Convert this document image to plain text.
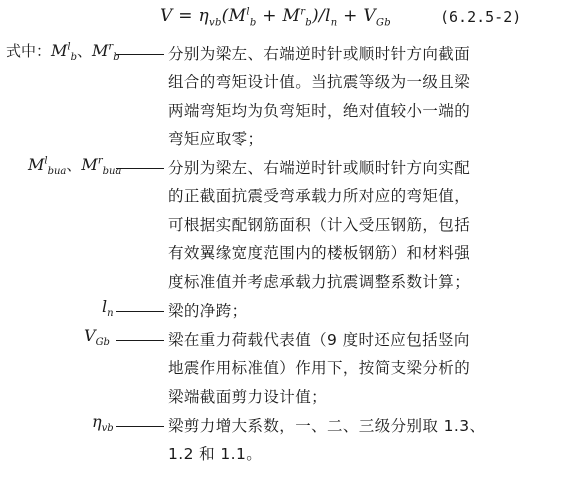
$V = \eta_{vb}(M^l_b + M^r_b)/l_n + V_{Gb}$	(6.2.5-2)
式中：$M^l_b$、$M^r_b$	分别为梁左、右端逆时针或顺时针方向截面
组合的弯矩设计值。当抗震等级为一级且梁
两端弯矩均为负弯矩时，绝对值较小一端的
弯矩应取零；
$M^l_{bua}$、$M^r_{bua}$	分别为梁左、右端逆时针或顺时针方向实配
的正截面抗震受弯承载力所对应的弯矩值，
可根据实配钢筋面积（计入受压钢筋，包括
有效翼缘宽度范围内的楼板钢筋）和材料强
度标准值并考虑承载力抗震调整系数计算；
$l_n$	梁的净跨；
$V_{Gb}$	梁在重力荷载代表值（9 度时还应包括竖向
地震作用标准值）作用下，按简支梁分析的
梁端截面剪力设计值；
$\eta_{vb}$	梁剪力增大系数，一、二、三级分别取 1.3、
1.2 和 1.1。
